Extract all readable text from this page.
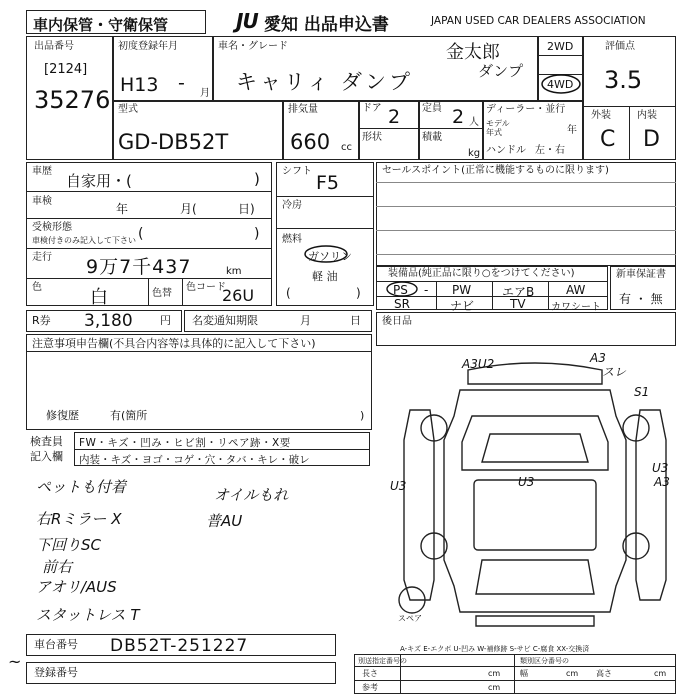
車内保管・守衛保管	JU 愛知 出品申込書	JAPAN USED CAR DEALERS ASSOCIATION
出品番号
[2124]
35276
初度登録年月
H13 - 月
車名・グレード
キャリィ ダンプ
金太郎
ダンプ
2WD
4WD
評価点
3.5
外装	内装
C D
型式
GD-DB52T
排気量
660 cc
ドア 2 定員 2 人
形状	積載
kg
ディーラー・並行
モデル
年式	年
ハンドル 左・右
車歴
自家用・(	)
車検
年	月(	日)
受検形態
車検付きのみ記入して下さい (	)
走行 9万7千437	km
色	白	色替
色コード
26U
シフト
F5
冷房
燃料
ガソリン
軽 油
(	)
セールスポイント(正常に機能するものに限ります)
装備品(純正品に限り○をつけてください)
PS - PW	エアB	AW
SR	ナビ	TV	カワシート
新車保証書
有 ・ 無
R券 3,180 円 名変通知期限	月	日 後日品
注意事項申告欄(不具合内容等は具体的に記入して下さい)
修復歴	有(箇所	)
検査員
記入欄
FW・キズ・凹み・ヒビ割・リペア跡・X要
内装・キズ・ヨゴ・コゲ・穴・タバ・キレ・破レ
ペットも付着	オイルもれ
右Rミラー X	普AU
下回りSC
前右
アオリ/AUS
スタットレス T
A3U2	A3
スレ
S1
U3	U3
U3
A3
スペア
A-キズ E-エクボ U-凹み W-補修跡 S-サビ C-腐食 XX-交換済
車台番号 DB52T-251227
登録番号
別送指定番号の	類別区分番号の
長さ	cm 幅	cm 高さ	cm
参考	cm
~
